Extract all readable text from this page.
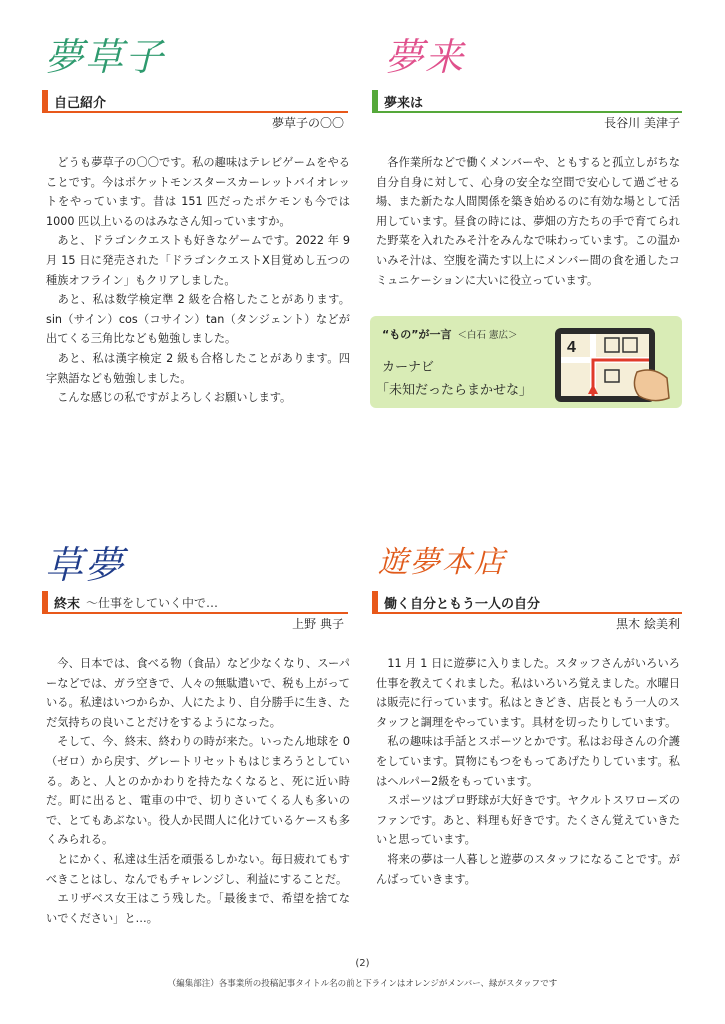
夢草子
自己紹介
夢草子の〇〇

　どうも夢草子の〇〇です。私の趣味はテレビゲームをやることです。今はポケットモンスタースカーレットバイオレットをやっています。昔は 151 匹だったポケモンも今では 1000 匹以上いるのはみなさん知っていますか。

　あと、ドラゴンクエストも好きなゲームです。2022 年 9 月 15 日に発売された「ドラゴンクエストX目覚めし五つの種族オフライン」もクリアしました。

　あと、私は数学検定準 2 級を合格したことがあります。sin（サイン）cos（コサイン）tan（タンジェント）などが出てくる三角比なども勉強しました。

　あと、私は漢字検定 2 級も合格したことがあります。四字熟語なども勉強しました。

　こんな感じの私ですがよろしくお願いします。

夢来
夢来は
長谷川 美津子

　各作業所などで働くメンバーや、ともすると孤立しがちな自分自身に対して、心身の安全な空間で安心して過ごせる場、また新たな人間関係を築き始めるのに有効な場として活用しています。昼食の時には、夢畑の方たちの手で育てられた野菜を入れたみそ汁をみんなで味わっています。この温かいみそ汁は、空腹を満たす以上にメンバー間の食を通したコミュニケーションに大いに役立っています。

“もの”が一言 ＜白石 憲広＞
カーナビ
「未知だったらまかせな」
4
草夢
終末 ～仕事をしていく中で…
上野 典子

　今、日本では、食べる物（食品）など少なくなり、スーパーなどでは、ガラ空きで、人々の無駄遣いで、税も上がっている。私達はいつからか、人にたより、自分勝手に生き、ただ気持ちの良いことだけをするようになった。

　そして、今、終末、終わりの時が来た。いったん地球を 0（ゼロ）から戻す、グレートリセットもはじまろうとしている。あと、人とのかかわりを持たなくなると、死に近い時だ。町に出ると、電車の中で、切りさいてくる人も多いので、とてもあぶない。役人か民間人に化けているケースも多くみられる。

　とにかく、私達は生活を頑張るしかない。毎日疲れてもすべきことはし、なんでもチャレンジし、利益にすることだ。

　エリザベス女王はこう残した。「最後まで、希望を捨てないでください」と…。

遊夢本店
働く自分ともう一人の自分
黒木 絵美利

　11 月 1 日に遊夢に入りました。スタッフさんがいろいろ仕事を教えてくれました。私はいろいろ覚えました。水曜日は販売に行っています。私はときどき、店長ともう一人のスタッフと調理をやっています。具材を切ったりしています。

　私の趣味は手話とスポーツとかです。私はお母さんの介護をしています。買物にもつをもってあげたりしています。私はヘルパー2級をもっています。

　スポーツはプロ野球が大好きです。ヤクルトスワローズのファンです。あと、料理も好きです。たくさん覚えていきたいと思っています。

　将来の夢は一人暮しと遊夢のスタッフになることです。がんばっていきます。

(2)
（編集部注）各事業所の投稿記事タイトル名の前と下ラインはオレンジがメンバー、緑がスタッフです
